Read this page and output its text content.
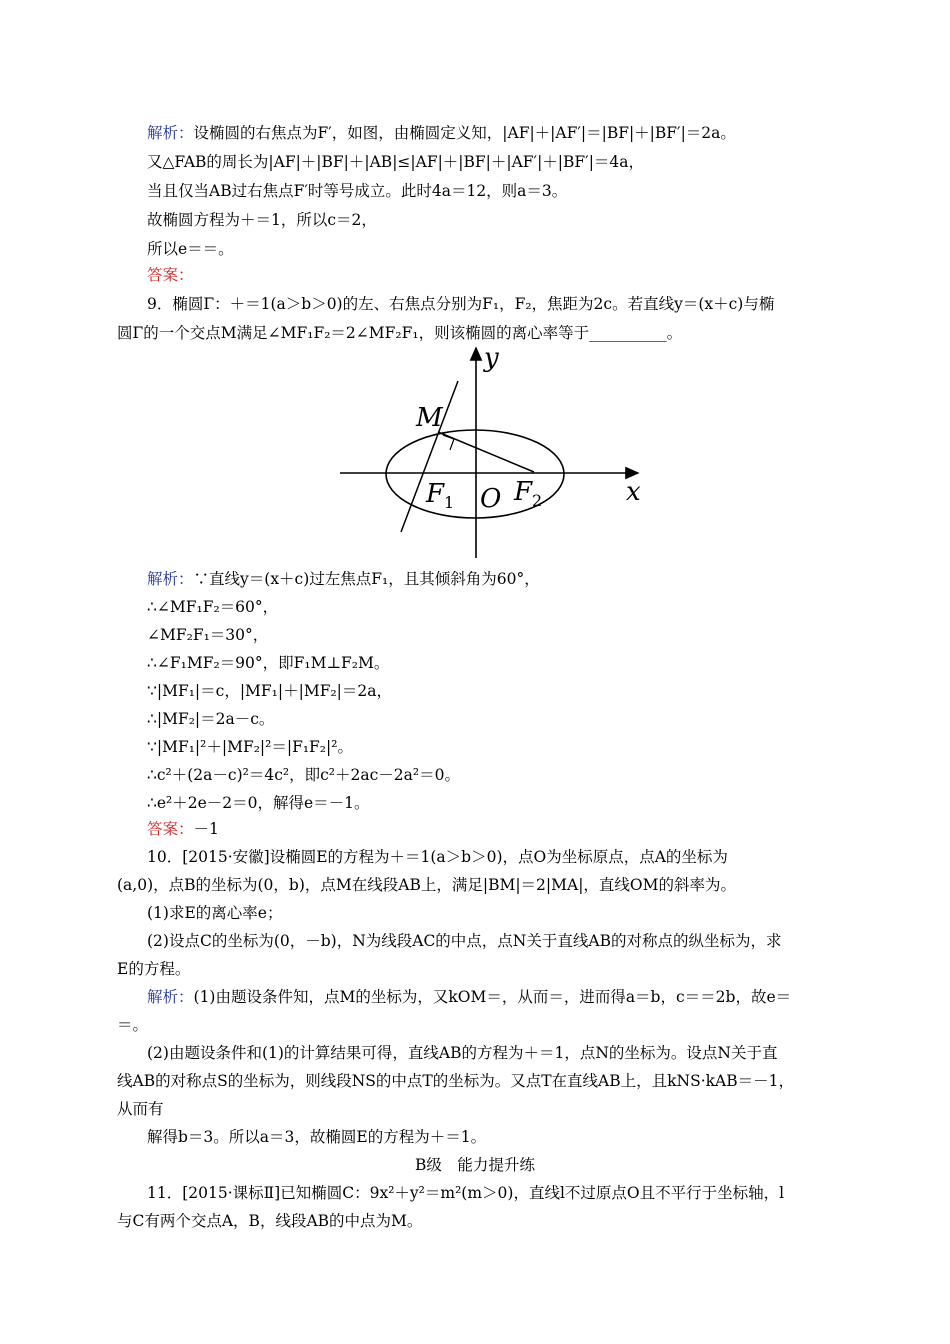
解析：设椭圆的右焦点为F′，如图，由椭圆定义知，|AF|＋|AF′|＝|BF|＋|BF′|＝2a。
又△FAB的周长为|AF|＋|BF|＋|AB|≤|AF|＋|BF|＋|AF′|＋|BF′|＝4a，
当且仅当AB过右焦点F′时等号成立。此时4a＝12，则a＝3。
故椭圆方程为＋＝1，所以c＝2，
所以e＝＝。
答案：
9．椭圆Γ：＋＝1(a＞b＞0)的左、右焦点分别为F₁，F₂，焦距为2c。若直线y＝(x＋c)与椭
圆Γ的一个交点M满足∠MF₁F₂＝2∠MF₂F₁，则该椭圆的离心率等于__________。
y
x
M
$F_1$ O $F_2$
解析：∵直线y＝(x＋c)过左焦点F₁，且其倾斜角为60°，
∴∠MF₁F₂＝60°，
∠MF₂F₁＝30°，
∴∠F₁MF₂＝90°，即F₁M⊥F₂M。
∵|MF₁|＝c，|MF₁|＋|MF₂|＝2a，
∴|MF₂|＝2a－c。
∵|MF₁|²＋|MF₂|²＝|F₁F₂|²。
∴c²＋(2a－c)²＝4c²，即c²＋2ac－2a²＝0。
∴e²＋2e－2＝0，解得e＝－1。
答案：－1
10．[2015·安徽]设椭圆E的方程为＋＝1(a＞b＞0)，点O为坐标原点，点A的坐标为
(a,0)，点B的坐标为(0，b)，点M在线段AB上，满足|BM|＝2|MA|，直线OM的斜率为。
(1)求E的离心率e；
(2)设点C的坐标为(0，－b)，N为线段AC的中点，点N关于直线AB的对称点的纵坐标为，求
E的方程。
解析：(1)由题设条件知，点M的坐标为，又kOM＝，从而＝，进而得a＝b，c＝＝2b，故e＝
＝。
(2)由题设条件和(1)的计算结果可得，直线AB的方程为＋＝1，点N的坐标为。设点N关于直
线AB的对称点S的坐标为，则线段NS的中点T的坐标为。又点T在直线AB上，且kNS·kAB＝－1，
从而有
解得b＝3。所以a＝3，故椭圆E的方程为＋＝1。
B级　能力提升练
11．[2015·课标Ⅱ]已知椭圆C：9x²＋y²＝m²(m＞0)，直线l不过原点O且不平行于坐标轴，l
与C有两个交点A，B，线段AB的中点为M。
